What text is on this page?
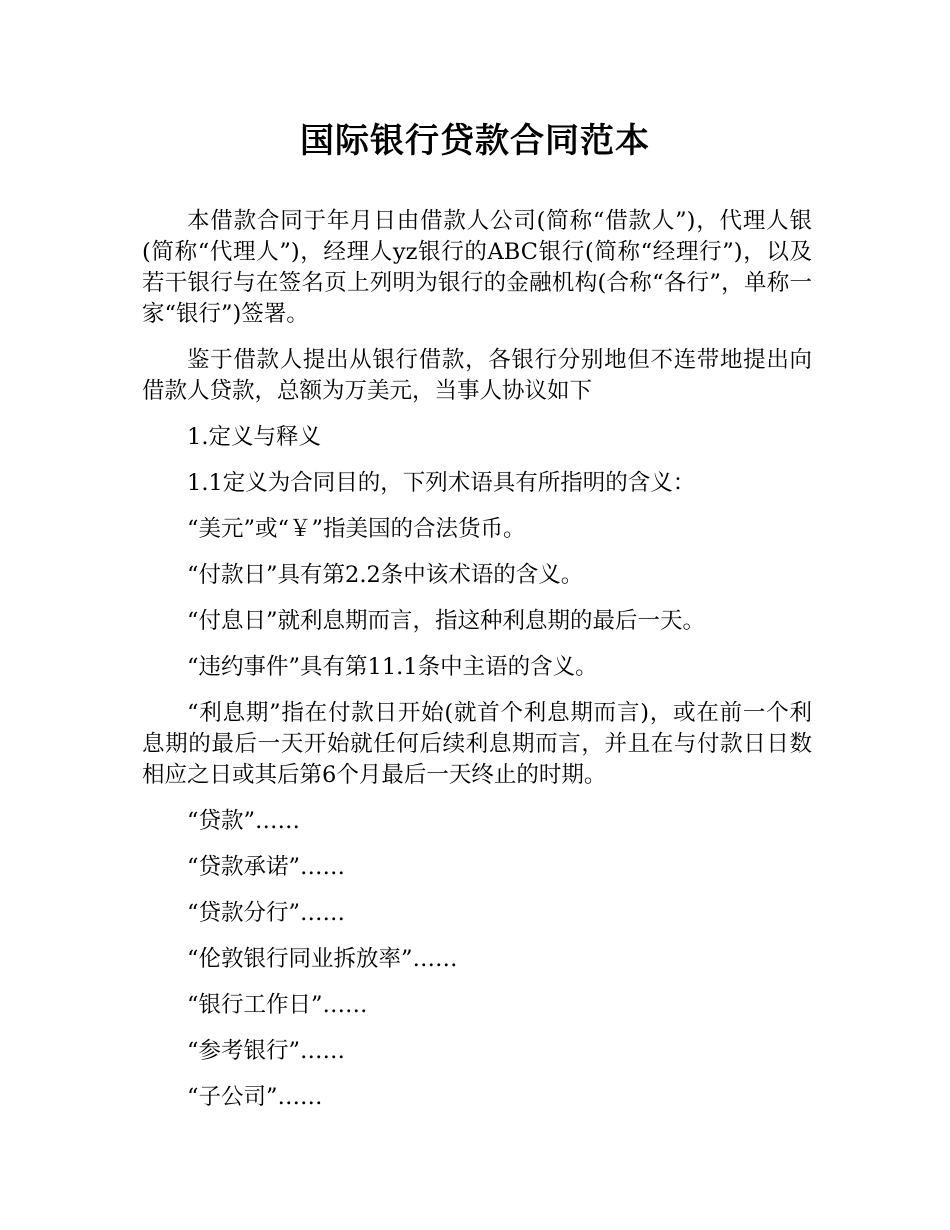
国际银行贷款合同范本

本借款合同于年月日由借款人公司(简称“借款人”)，代理人银(简称“代理人”)，经理人yz银行的ABC银行(简称“经理行”)，以及若干银行与在签名页上列明为银行的金融机构(合称“各行”，单称一家“银行”)签署。

鉴于借款人提出从银行借款，各银行分别地但不连带地提出向借款人贷款，总额为万美元，当事人协议如下

1.定义与释义

1.1定义为合同目的，下列术语具有所指明的含义：

“美元”或“￥”指美国的合法货币。

“付款日”具有第2.2条中该术语的含义。

“付息日”就利息期而言，指这种利息期的最后一天。

“违约事件”具有第11.1条中主语的含义。

“利息期”指在付款日开始(就首个利息期而言)，或在前一个利息期的最后一天开始就任何后续利息期而言，并且在与付款日日数相应之日或其后第6个月最后一天终止的时期。

“贷款”……

“贷款承诺”……

“贷款分行”……

“伦敦银行同业拆放率”……

“银行工作日”……

“参考银行”……

“子公司”……
